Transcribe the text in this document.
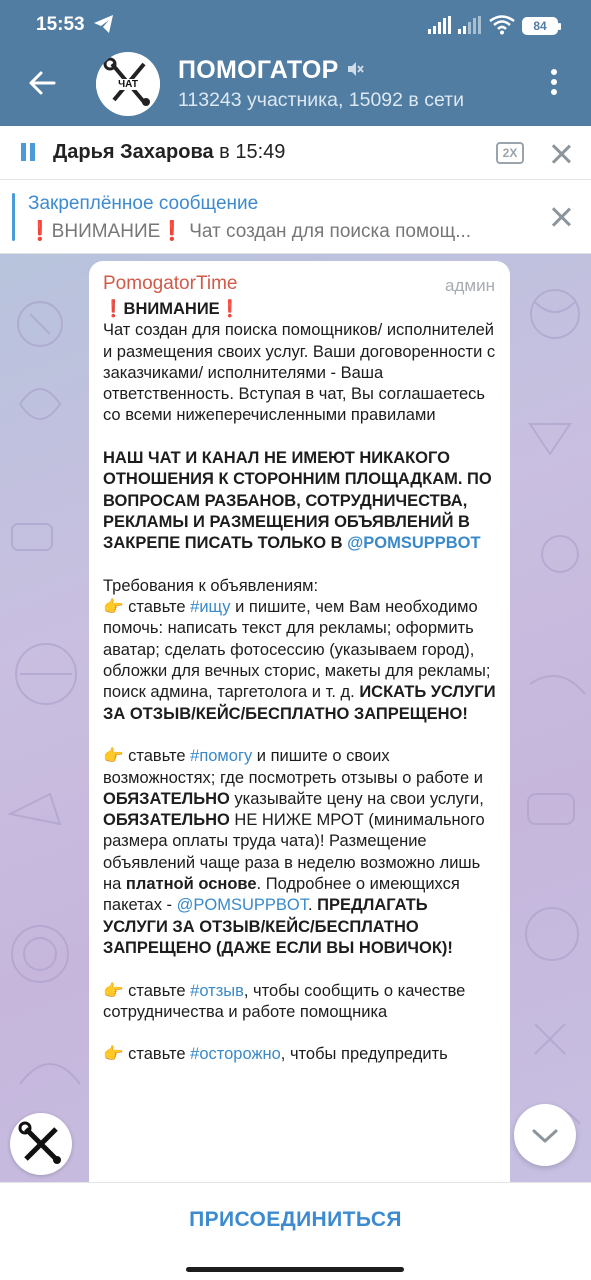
15:53	84
ЧАТ
ПОМОГАТОР
113243 участника, 15092 в сети
Дарья Захарова в 15:49	2X
Закреплённое сообщение
❗ВНИМАНИЕ❗ Чат создан для поиска помощ...
PomogatorTime	админ

❗ВНИМАНИЕ❗

Чат создан для поиска помощников/ исполнителей и размещения своих услуг. Ваши договоренности с заказчиками/ исполнителями - Ваша ответственность. Вступая в чат, Вы соглашаетесь со всеми нижеперечисленными правилами

НАШ ЧАТ И КАНАЛ НЕ ИМЕЮТ НИКАКОГО ОТНОШЕНИЯ К СТОРОННИМ ПЛОЩАДКАМ. ПО ВОПРОСАМ РАЗБАНОВ, СОТРУДНИЧЕСТВА, РЕКЛАМЫ И РАЗМЕЩЕНИЯ ОБЪЯВЛЕНИЙ В ЗАКРЕПЕ ПИСАТЬ ТОЛЬКО В @POMSUPPBOT

Требования к объявлениям:

👉 ставьте #ищу и пишите, чем Вам необходимо помочь: написать текст для рекламы; оформить аватар; сделать фотосессию (указываем город), обложки для вечных сторис, макеты для рекламы; поиск админа, таргетолога и т. д. ИСКАТЬ УСЛУГИ ЗА ОТЗЫВ/КЕЙС/БЕСПЛАТНО ЗАПРЕЩЕНО!

👉 ставьте #помогу и пишите о своих возможностях; где посмотреть отзывы о работе и ОБЯЗАТЕЛЬНО указывайте цену на свои услуги, ОБЯЗАТЕЛЬНО НЕ НИЖЕ МРОТ (минимального размера оплаты труда чата)! Размещение объявлений чаще раза в неделю возможно лишь на платной основе. Подробнее о имеющихся пакетах - @POMSUPPBOT. ПРЕДЛАГАТЬ УСЛУГИ ЗА ОТЗЫВ/КЕЙС/БЕСПЛАТНО ЗАПРЕЩЕНО (ДАЖЕ ЕСЛИ ВЫ НОВИЧОК)!

👉 ставьте #отзыв, чтобы сообщить о качестве сотрудничества и работе помощника

👉 ставьте #осторожно, чтобы предупредить

ПРИСОЕДИНИТЬСЯ
